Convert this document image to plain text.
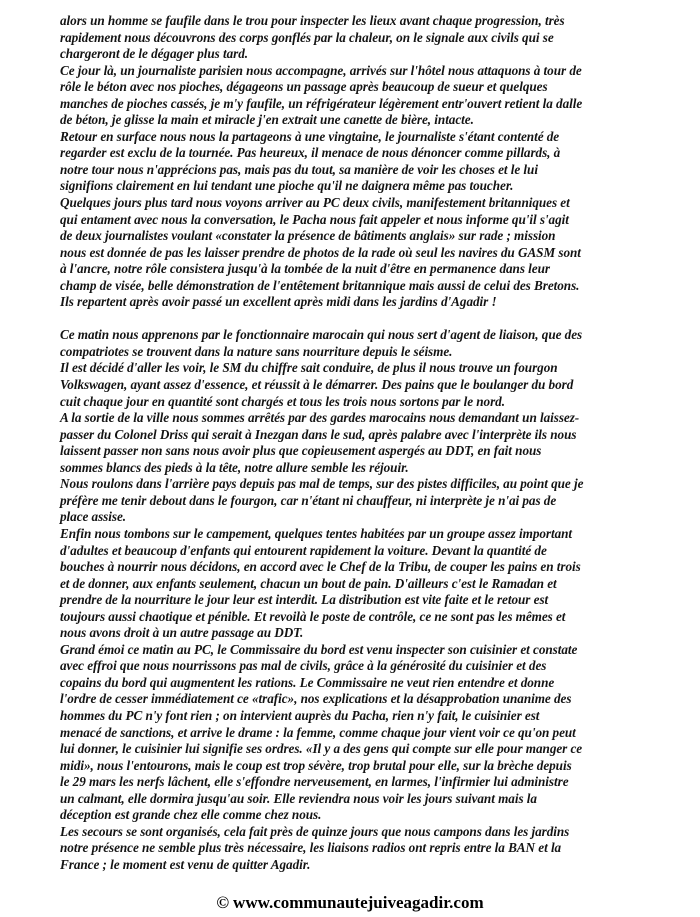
alors un homme se faufile dans le trou pour inspecter les lieux avant chaque progression, très
rapidement nous découvrons des corps gonflés par la chaleur, on le signale aux civils qui se
chargeront de le dégager plus tard.
Ce jour là, un journaliste parisien nous accompagne, arrivés sur l'hôtel nous attaquons à tour de
rôle le béton avec nos pioches, dégageons un passage après beaucoup de sueur et quelques
manches de pioches cassés, je m'y faufile, un réfrigérateur légèrement entr'ouvert retient la dalle
de béton, je glisse la main et miracle j'en extrait une canette de bière, intacte.
Retour en surface nous nous la partageons à une vingtaine, le journaliste s'étant contenté de
regarder est exclu de la tournée. Pas heureux, il menace de nous dénoncer comme pillards, à
notre tour nous n'apprécions pas, mais pas du tout, sa manière de voir les choses et le lui
signifions clairement en lui tendant une pioche qu'il ne daignera même pas toucher.
Quelques jours plus tard nous voyons arriver au PC deux civils, manifestement britanniques et
qui entament avec nous la conversation, le Pacha nous fait appeler et nous informe qu'il s'agit
de deux journalistes voulant «constater la présence de bâtiments anglais» sur rade ; mission
nous est donnée de pas les laisser prendre de photos de la rade où seul les navires du GASM sont
à l'ancre, notre rôle consistera jusqu'à la tombée de la nuit d'être en permanence dans leur
champ de visée, belle démonstration de l'entêtement britannique mais aussi de celui des Bretons.
Ils repartent après avoir passé un excellent après midi dans les jardins d'Agadir !
Ce matin nous apprenons par le fonctionnaire marocain qui nous sert d'agent de liaison, que des
compatriotes se trouvent dans la nature sans nourriture depuis le séisme.
Il est décidé d'aller les voir, le SM du chiffre sait conduire, de plus il nous trouve un fourgon
Volkswagen, ayant assez d'essence, et réussit à le démarrer. Des pains que le boulanger du bord
cuit chaque jour en quantité sont chargés et tous les trois nous sortons par le nord.
A la sortie de la ville nous sommes arrêtés par des gardes marocains nous demandant un laissez-
passer du Colonel Driss qui serait à Inezgan dans le sud, après palabre avec l'interprète ils nous
laissent passer non sans nous avoir plus que copieusement aspergés au DDT, en fait nous
sommes blancs des pieds à la tête, notre allure semble les réjouir.
Nous roulons dans l'arrière pays depuis pas mal de temps, sur des pistes difficiles, au point que je
préfère me tenir debout dans le fourgon, car n'étant ni chauffeur, ni interprète je n'ai pas de
place assise.
Enfin nous tombons sur le campement, quelques tentes habitées par un groupe assez important
d'adultes et beaucoup d'enfants qui entourent rapidement la voiture. Devant la quantité de
bouches à nourrir nous décidons, en accord avec le Chef de la Tribu, de couper les pains en trois
et de donner, aux enfants seulement, chacun un bout de pain. D'ailleurs c'est le Ramadan et
prendre de la nourriture le jour leur est interdit. La distribution est vite faite et le retour est
toujours aussi chaotique et pénible. Et revoilà le poste de contrôle, ce ne sont pas les mêmes et
nous avons droit à un autre passage au DDT.
Grand émoi ce matin au PC, le Commissaire du bord est venu inspecter son cuisinier et constate
avec effroi que nous nourrissons pas mal de civils, grâce à la générosité du cuisinier et des
copains du bord qui augmentent les rations. Le Commissaire ne veut rien entendre et donne
l'ordre de cesser immédiatement ce «trafic», nos explications et la désapprobation unanime des
hommes du PC n'y font rien ; on intervient auprès du Pacha, rien n'y fait, le cuisinier est
menacé de sanctions, et arrive le drame : la femme, comme chaque jour vient voir ce qu'on peut
lui donner, le cuisinier lui signifie ses ordres. «Il y a des gens qui compte sur elle pour manger ce
midi», nous l'entourons, mais le coup est trop sévère, trop brutal pour elle, sur la brèche depuis
le 29 mars les nerfs lâchent, elle s'effondre nerveusement, en larmes, l'infirmier lui administre
un calmant, elle dormira jusqu'au soir. Elle reviendra nous voir les jours suivant mais la
déception est grande chez elle comme chez nous.
Les secours se sont organisés, cela fait près de quinze jours que nous campons dans les jardins
notre présence ne semble plus très nécessaire, les liaisons radios ont repris entre la BAN et la
France ; le moment est venu de quitter Agadir.
© www.communautejuiveagadir.com
